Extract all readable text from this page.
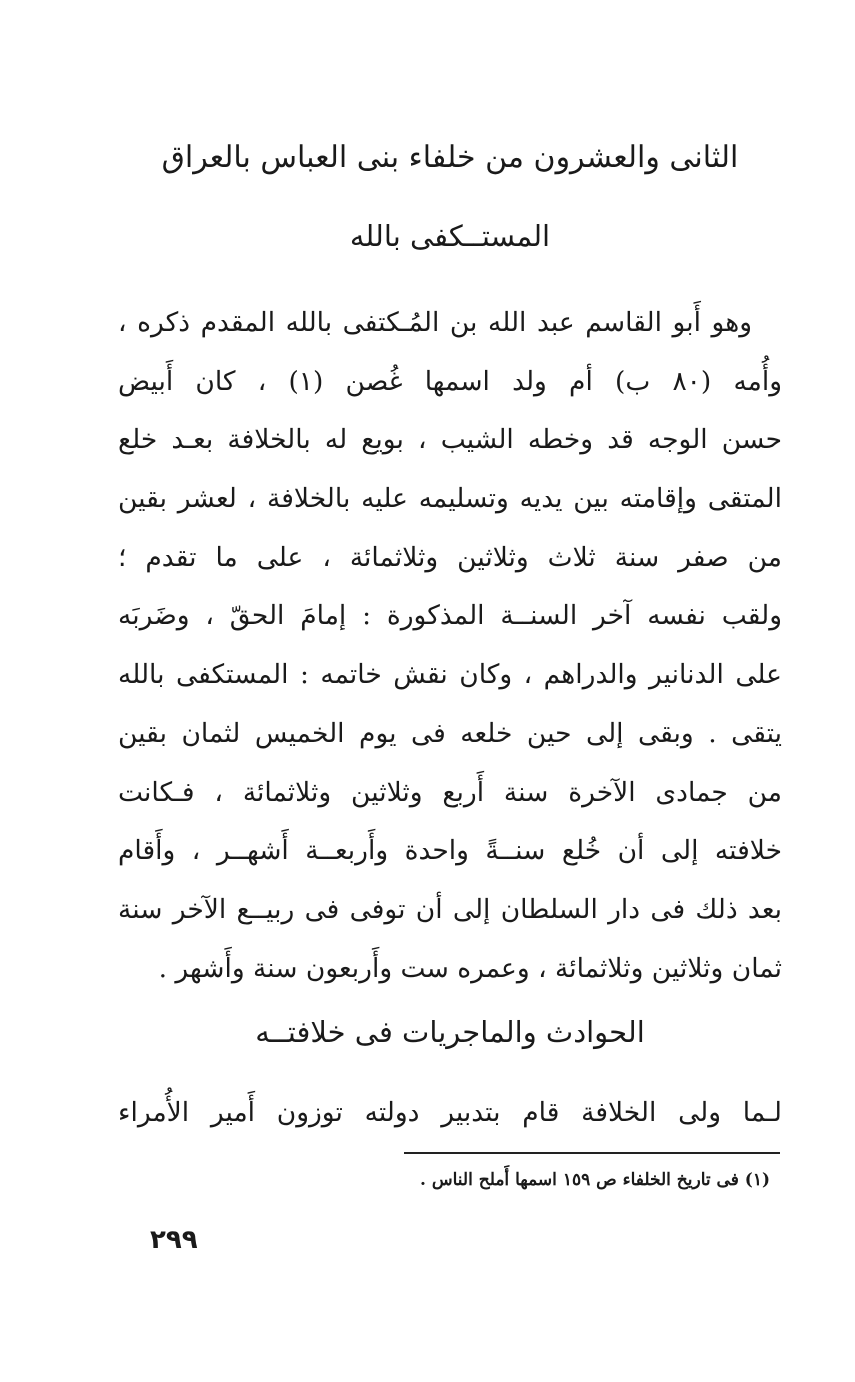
الثانى والعشرون من خلفاء بنى العباس بالعراق
المستــكفى بالله
وهو أَبو القاسم عبد الله بن المُـكتفى بالله المقدم ذكره ،
وأُمه (٨٠ ب) أم ولد اسمها غُصن (١) ، كان أَبيض
حسن الوجه قد وخطه الشيب ، بويع له بالخلافة بعـد خلع
المتقى وإقامته بين يديه وتسليمه عليه بالخلافة ، لعشر بقين
من صفر سنة ثلاث وثلاثين وثلاثمائة ، على ما تقدم ؛
ولقب نفسه آخر السنــة المذكورة : إمامَ الحقّ ، وضَربَه
على الدنانير والدراهم ، وكان نقش خاتمه : المستكفى بالله
يتقى . وبقى إلى حين خلعه فى يوم الخميس لثمان بقين
من جمادى الآخرة سنة أَربع وثلاثين وثلاثمائة ، فـكانت
خلافته إلى أن خُلع سنــةً واحدة وأَربعــة أَشهــر ، وأَقام
بعد ذلك فى دار السلطان إلى أن توفى فى ربيــع الآخر سنة
ثمان وثلاثين وثلاثمائة ، وعمره ست وأَربعون سنة وأَشهر .
الحوادث والماجريات فى خلافتــه

لـما ولى الخلافة قام بتدبير دولته توزون أَمير الأُمراء

(١) فى تاريخ الخلفاء ص ١٥٩ اسمها أَملح الناس .

٢٩٩
